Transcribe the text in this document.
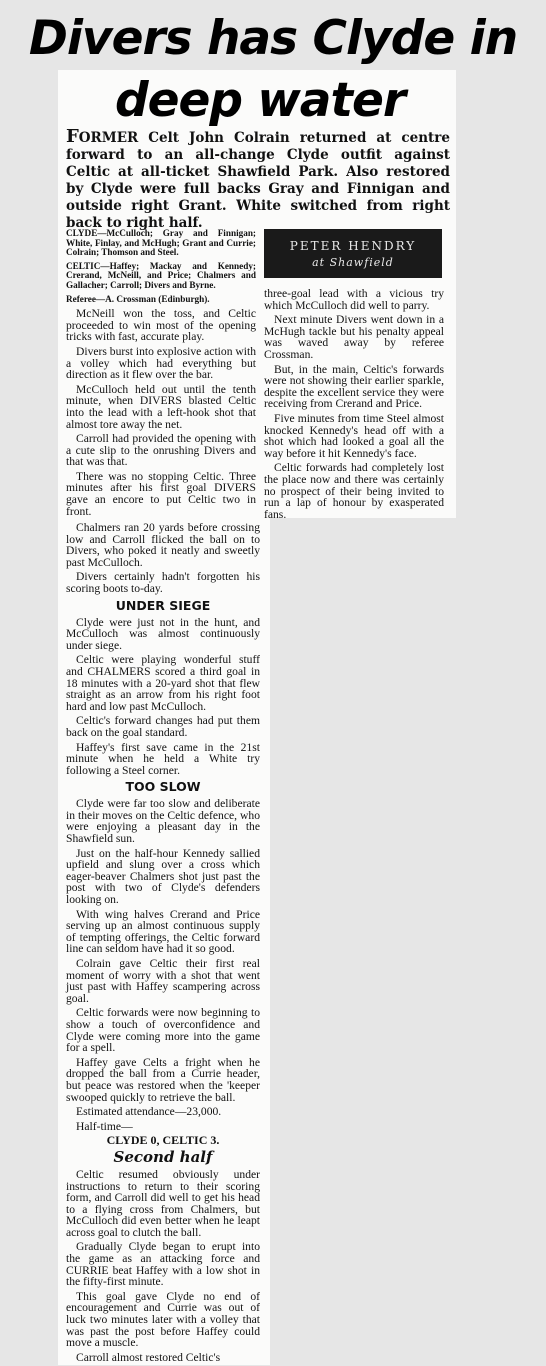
Divers has Clyde in
deep water
FORMER Celt John Colrain returned at centre forward to an all-change Clyde outfit against Celtic at all-ticket Shawfield Park. Also restored by Clyde were full backs Gray and Finnigan and outside right Grant. White switched from right back to right half.
PETER HENDRY
at Shawfield

CLYDE—McCulloch; Gray and Finnigan; White, Finlay, and McHugh; Grant and Currie; Colrain; Thomson and Steel.

CELTIC—Haffey; Mackay and Kennedy; Crerand, McNeill, and Price; Chalmers and Gallacher; Carroll; Divers and Byrne.

Referee—A. Crossman (Edinburgh).

McNeill won the toss, and Celtic proceeded to win most of the opening tricks with fast, accurate play.

Divers burst into explosive action with a volley which had everything but direction as it flew over the bar.

McCulloch held out until the tenth minute, when DIVERS blasted Celtic into the lead with a left-hook shot that almost tore away the net.

Carroll had provided the opening with a cute slip to the onrushing Divers and that was that.

There was no stopping Celtic. Three minutes after his first goal DIVERS gave an encore to put Celtic two in front.

three-goal lead with a vicious try which McCulloch did well to parry.

Next minute Divers went down in a McHugh tackle but his penalty appeal was waved away by referee Crossman.

But, in the main, Celtic's forwards were not showing their earlier sparkle, despite the excellent service they were receiving from Crerand and Price.

Five minutes from time Steel almost knocked Kennedy's head off with a shot which had looked a goal all the way before it hit Kennedy's face.

Celtic forwards had completely lost the place now and there was certainly no prospect of their being invited to run a lap of honour by exasperated fans.

Chalmers ran 20 yards before crossing low and Carroll flicked the ball on to Divers, who poked it neatly and sweetly past McCulloch.

Divers certainly hadn't forgotten his scoring boots to-day.

UNDER SIEGE

Clyde were just not in the hunt, and McCulloch was almost continuously under siege.

Celtic were playing wonderful stuff and CHALMERS scored a third goal in 18 minutes with a 20-yard shot that flew straight as an arrow from his right foot hard and low past McCulloch.

Celtic's forward changes had put them back on the goal standard.

Haffey's first save came in the 21st minute when he held a White try following a Steel corner.

TOO SLOW

Clyde were far too slow and deliberate in their moves on the Celtic defence, who were enjoying a pleasant day in the Shawfield sun.

Just on the half-hour Kennedy sallied upfield and slung over a cross which eager-beaver Chalmers shot just past the post with two of Clyde's defenders looking on.

With wing halves Crerand and Price serving up an almost continuous supply of tempting offerings, the Celtic forward line can seldom have had it so good.

Colrain gave Celtic their first real moment of worry with a shot that went just past with Haffey scampering across goal.

Celtic forwards were now beginning to show a touch of overconfidence and Clyde were coming more into the game for a spell.

Haffey gave Celts a fright when he dropped the ball from a Currie header, but peace was restored when the 'keeper swooped quickly to retrieve the ball.

Estimated attendance—23,000.

Half-time—

CLYDE 0, CELTIC 3.
Second half

Celtic resumed obviously under instructions to return to their scoring form, and Carroll did well to get his head to a flying cross from Chalmers, but McCulloch did even better when he leapt across goal to clutch the ball.

Gradually Clyde began to erupt into the game as an attacking force and CURRIE beat Haffey with a low shot in the fifty-first minute.

This goal gave Clyde no end of encouragement and Currie was out of luck two minutes later with a volley that was past the post before Haffey could move a muscle.

Carroll almost restored Celtic's
